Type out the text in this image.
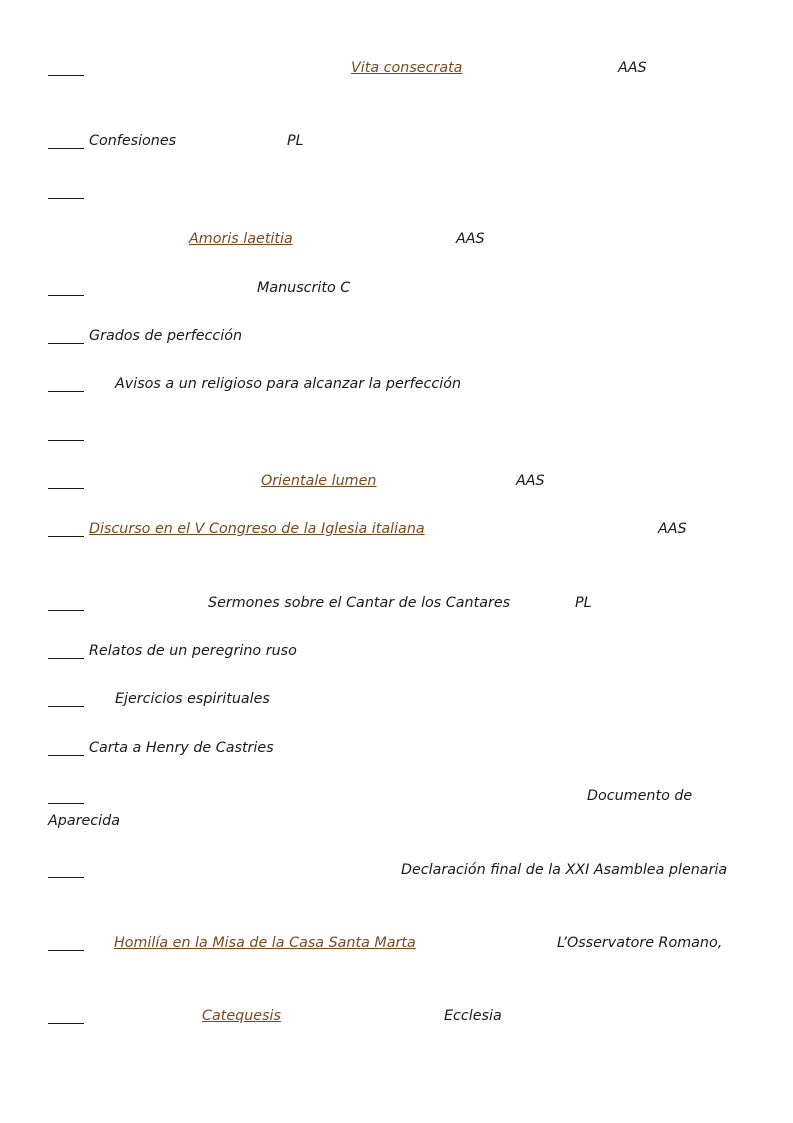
Vita consecrata	AAS
Confesiones	PL
Amoris laetitia	AAS
Manuscrito C
Grados de perfección
Avisos a un religioso para alcanzar la perfección
Orientale lumen	AAS
Discurso en el V Congreso de la Iglesia italiana	AAS
Sermones sobre el Cantar de los Cantares	PL
Relatos de un peregrino ruso
Ejercicios espirituales
Carta a Henry de Castries
Documento de
Aparecida
Declaración final de la XXI Asamblea plenaria
Homilía en la Misa de la Casa Santa Marta	L’Osservatore Romano,
Catequesis	Ecclesia
